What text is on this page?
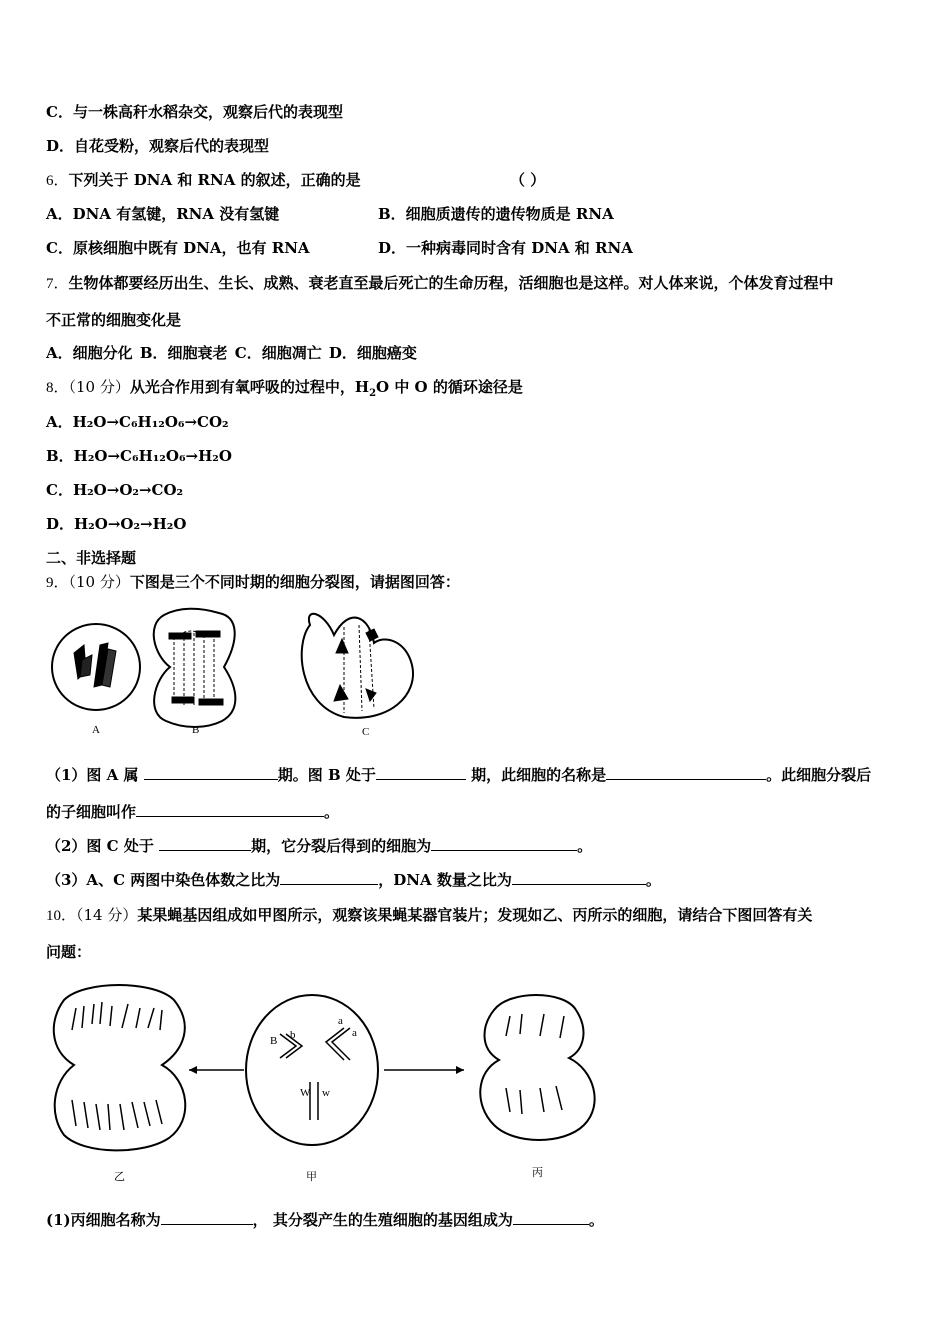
C．与一株高秆水稻杂交，观察后代的表现型
D．自花受粉，观察后代的表现型
6．下列关于 DNA 和 RNA 的叙述，正确的是	（ ）
A．DNA 有氢键，RNA 没有氢键	B．细胞质遗传的遗传物质是 RNA
C．原核细胞中既有 DNA，也有 RNA	D．一种病毒同时含有 DNA 和 RNA
7．生物体都要经历出生、生长、成熟、衰老直至最后死亡的生命历程，活细胞也是这样。对人体来说，个体发育过程中
不正常的细胞变化是
A．细胞分化 B．细胞衰老 C．细胞凋亡 D．细胞癌变
8．（10 分）从光合作用到有氧呼吸的过程中，$H_2O$ 中 O 的循环途径是
A．H₂O→C₆H₁₂O₆→CO₂
B．H₂O→C₆H₁₂O₆→H₂O
C．H₂O→O₂→CO₂
D．H₂O→O₂→H₂O
二、非选择题
9．（10 分）下图是三个不同时期的细胞分裂图，请据图回答：
A	B	C
（1）图 A 属	期。图 B 处于	期，此细胞的名称是	。此细胞分裂后
的子细胞叫作	。
（2）图 C 处于	期，它分裂后得到的细胞为	。
（3）A、C 两图中染色体数之比为	，DNA 数量之比为	。
10．（14 分）某果蝇基因组成如甲图所示，观察该果蝇某器官装片；发现如乙、丙所示的细胞，请结合下图回答有关
问题：
乙
B b
a
a
W w
甲	丙
(1)丙细胞名称为	， 其分裂产生的生殖细胞的基因组成为	。
